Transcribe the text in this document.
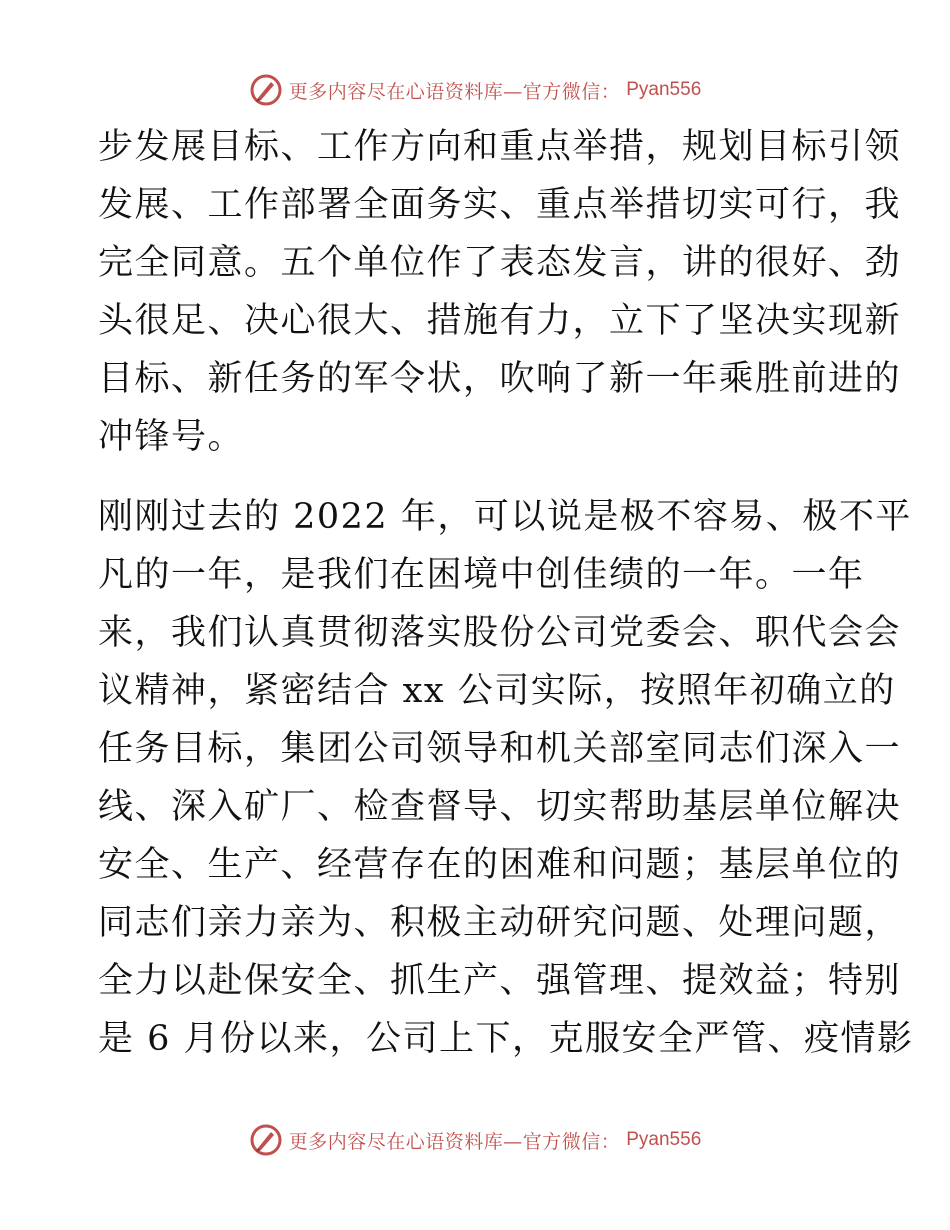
更多内容尽在心语资料库—官方微信： Pyan556
步发展目标、工作方向和重点举措，规划目标引领
发展、工作部署全面务实、重点举措切实可行，我
完全同意。五个单位作了表态发言，讲的很好、劲
头很足、决心很大、措施有力，立下了坚决实现新
目标、新任务的军令状，吹响了新一年乘胜前进的
冲锋号。
刚刚过去的 2022 年，可以说是极不容易、极不平
凡的一年，是我们在困境中创佳绩的一年。一年
来，我们认真贯彻落实股份公司党委会、职代会会
议精神，紧密结合 xx 公司实际，按照年初确立的
任务目标，集团公司领导和机关部室同志们深入一
线、深入矿厂、检查督导、切实帮助基层单位解决
安全、生产、经营存在的困难和问题；基层单位的
同志们亲力亲为、积极主动研究问题、处理问题，
全力以赴保安全、抓生产、强管理、提效益；特别
是 6 月份以来，公司上下，克服安全严管、疫情影
更多内容尽在心语资料库—官方微信： Pyan556
